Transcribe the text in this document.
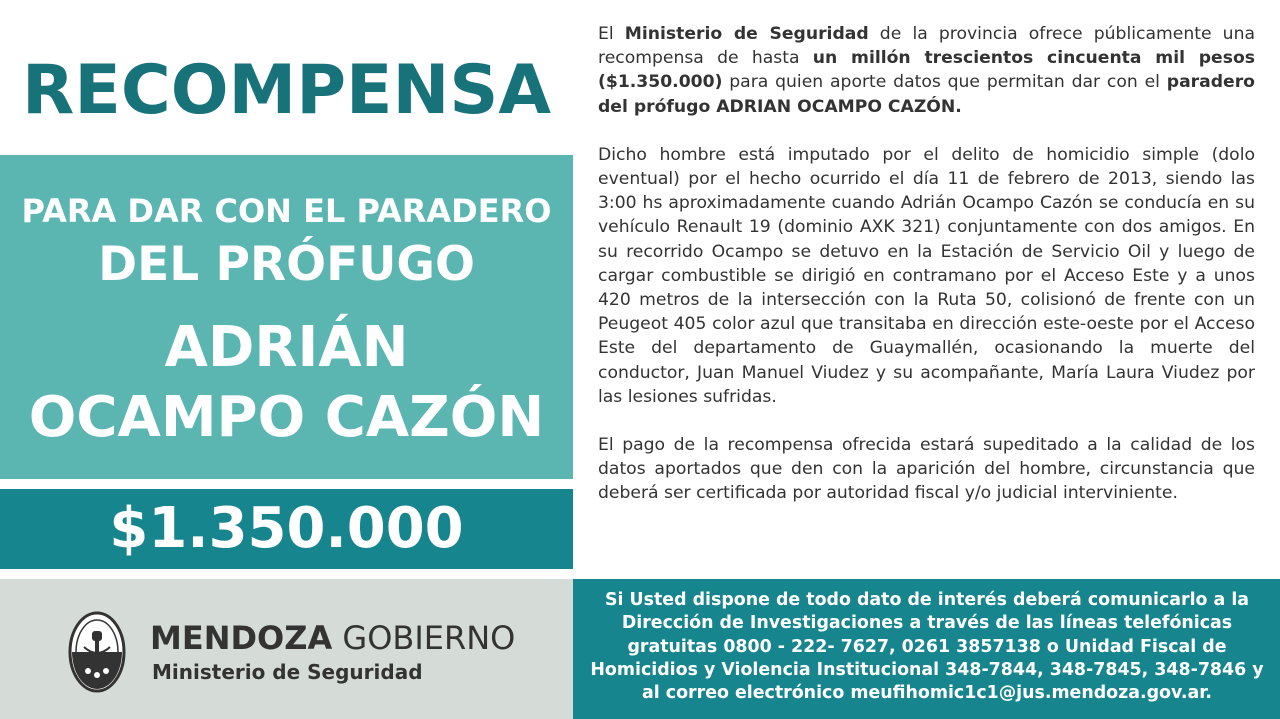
RECOMPENSA
PARA DAR CON EL PARADERO
DEL PRÓFUGO
ADRIÁN
OCAMPO CAZÓN
$1.350.000
MENDOZA GOBIERNO
Ministerio de Seguridad

El Ministerio de Seguridad de la provincia ofrece públicamente una recompensa de hasta un millón trescientos cincuenta mil pesos ($1.350.000) para quien aporte datos que permitan dar con el paradero del prófugo ADRIAN OCAMPO CAZÓN.

Dicho hombre está imputado por el delito de homicidio simple (dolo eventual) por el hecho ocurrido el día 11 de febrero de 2013, siendo las 3:00 hs aproximadamente cuando Adrián Ocampo Cazón se conducía en su vehículo Renault 19 (dominio AXK 321) conjuntamente con dos amigos. En su recorrido Ocampo se detuvo en la Estación de Servicio Oil y luego de cargar combustible se dirigió en contramano por el Acceso Este y a unos 420 metros de la intersección con la Ruta 50, colisionó de frente con un Peugeot 405 color azul que transitaba en dirección este-oeste por el Acceso Este del departamento de Guaymallén, ocasionando la muerte del conductor, Juan Manuel Viudez y su acompañante, María Laura Viudez por las lesiones sufridas.

El pago de la recompensa ofrecida estará supeditado a la calidad de los datos aportados que den con la aparición del hombre, circunstancia que deberá ser certificada por autoridad fiscal y/o judicial interviniente.

Si Usted dispone de todo dato de interés deberá comunicarlo a la Dirección de Investigaciones a través de las líneas telefónicas gratuitas 0800 - 222- 7627, 0261 3857138 o Unidad Fiscal de Homicidios y Violencia Institucional 348-7844, 348-7845, 348-7846 y al correo electrónico meufihomic1c1@jus.mendoza.gov.ar.
